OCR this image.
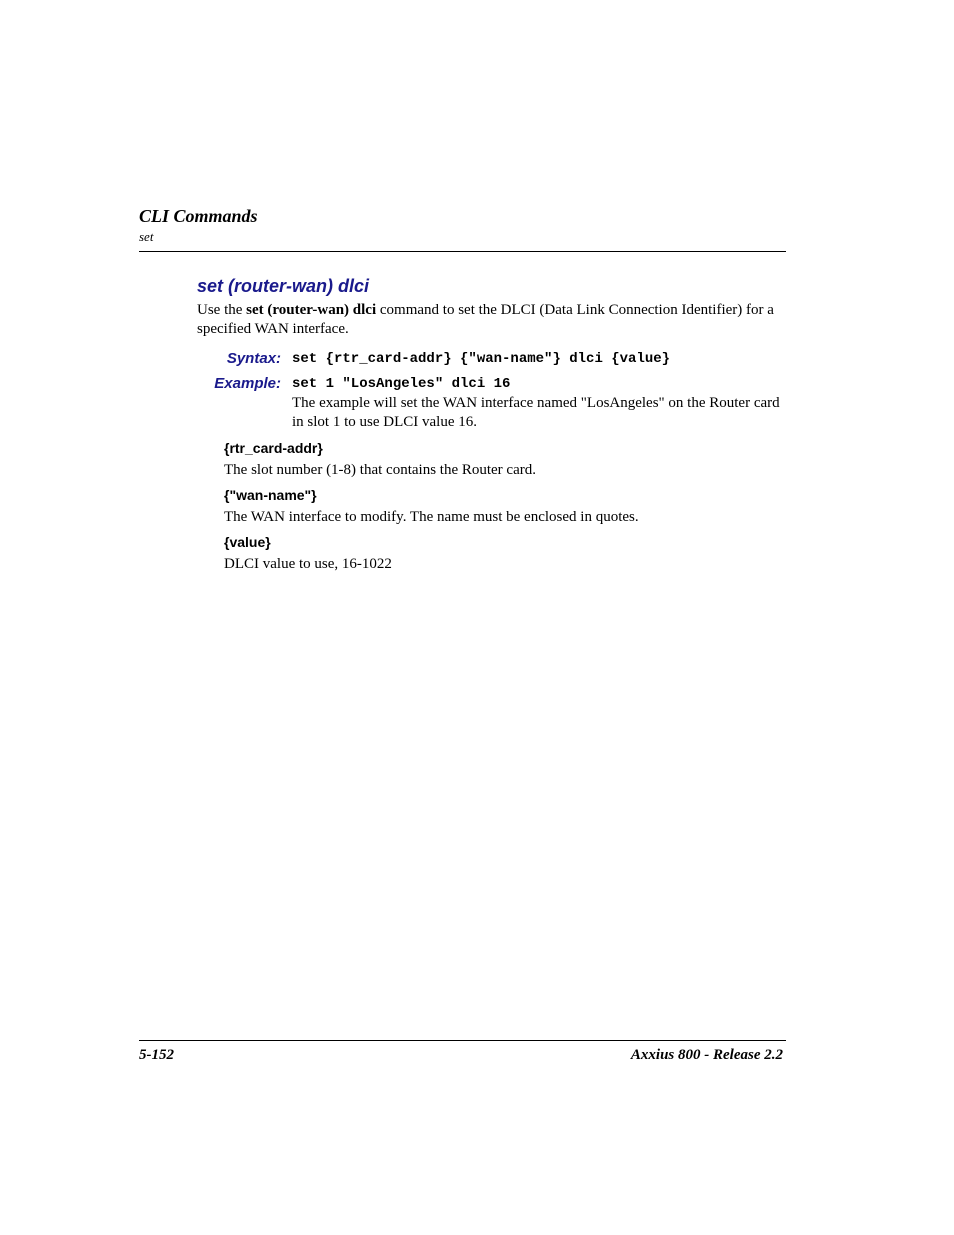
CLI Commands
set
set (router-wan) dlci
Use the set (router-wan) dlci command to set the DLCI (Data Link Connection Identifier) for a specified WAN interface.
Syntax: set {rtr_card-addr} {"wan-name"} dlci {value}
Example: set 1 "LosAngeles" dlci 16
The example will set the WAN interface named "LosAngeles" on the Router card in slot 1 to use DLCI value 16.
{rtr_card-addr}
The slot number (1-8) that contains the Router card.
{"wan-name"}
The WAN interface to modify. The name must be enclosed in quotes.
{value}
DLCI value to use, 16-1022
5-152	Axxius 800 - Release 2.2
